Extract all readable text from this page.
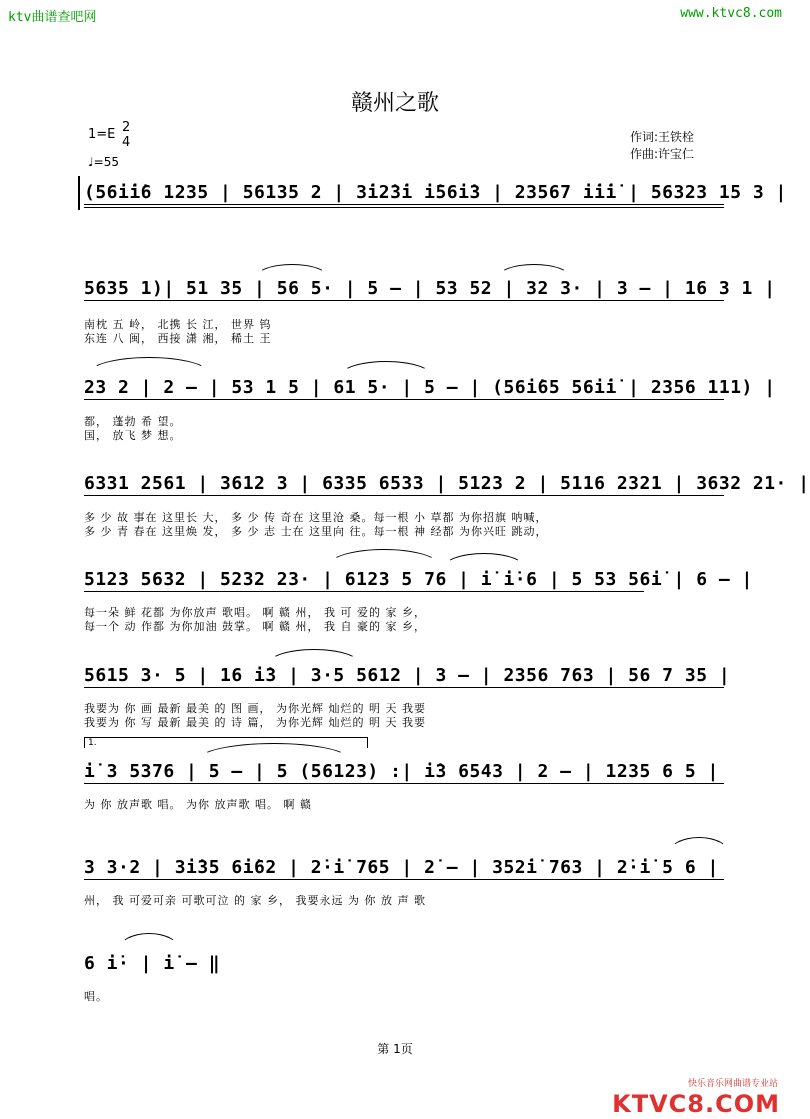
ktv曲谱查吧网	www.ktvc8.com
赣州之歌
1=E 2
4
♩=55
作词:王铁栓
作曲:许宝仁
(56i̇i̇6 1235 | 56135 2 | 3̇i2̇3̇i i̇56i̇3 | 23567 i̇i̇i̇ | 56323 15 3 |
5635 1)| 51 35 | 56 5· | 5 — | 53 52 | 32 3· | 3 — | 16 3 1 |
南枕 五 岭， 北携 长 江， 世界 钨
东连 八 闽， 西接 潇 湘， 稀土 王
23 2 | 2 — | 53 1 5 | 61 5· | 5 — | (56i̇65 56i̇i̇ | 2356 111) |
都， 蓬勃 希 望。
国， 放飞 梦 想。
6331 2561 | 3612 3 | 6335 6533 | 5123 2 | 5116 2321 | 3632 21· |
多 少 故 事在 这里长 大， 多 少 传 奇在 这里沧 桑。每一根 小 草都 为你招旗 呐喊，
多 少 青 春在 这里焕 发， 多 少 志 士在 这里向 往。每一根 神 经都 为你兴旺 跳动，
5123 5632 | 5232 23· | 6123 5 76 | i̇ i̇·6 | 5 53 56i̇ | 6 — |
每一朵 鲜 花都 为你放声 歌唱。 啊 赣 州， 我 可 爱的 家 乡，
每一个 动 作都 为你加油 鼓掌。 啊 赣 州， 我 自 豪的 家 乡，
5615 3· 5 | 16 i̇3 | 3·5 5612 | 3 — | 2356 763 | 56 7 35 |
我要为 你 画 最新 最美 的 图 画， 为你光辉 灿烂的 明 天 我要
我要为 你 写 最新 最美 的 诗 篇， 为你光辉 灿烂的 明 天 我要
1.
i̇ 3 5376 | 5 — | 5 (56123) :| i̇3 6543 | 2 — | 1235 6 5 |
为 你 放声歌 唱。 为你 放声歌 唱。 啊 赣
3 3·2 | 3i̇35 6i̇62 | 2̇·i̇ 765 | 2̇ — | 352̇i̇ 763 | 2̇·i̇ 5 6 |
州， 我 可爱可亲 可歌可泣 的 家 乡， 我要永远 为 你 放 声 歌
6 i̇· | i̇ — ‖
唱。
第 1页
快乐音乐网曲谱专业站
KTVC8.COM
